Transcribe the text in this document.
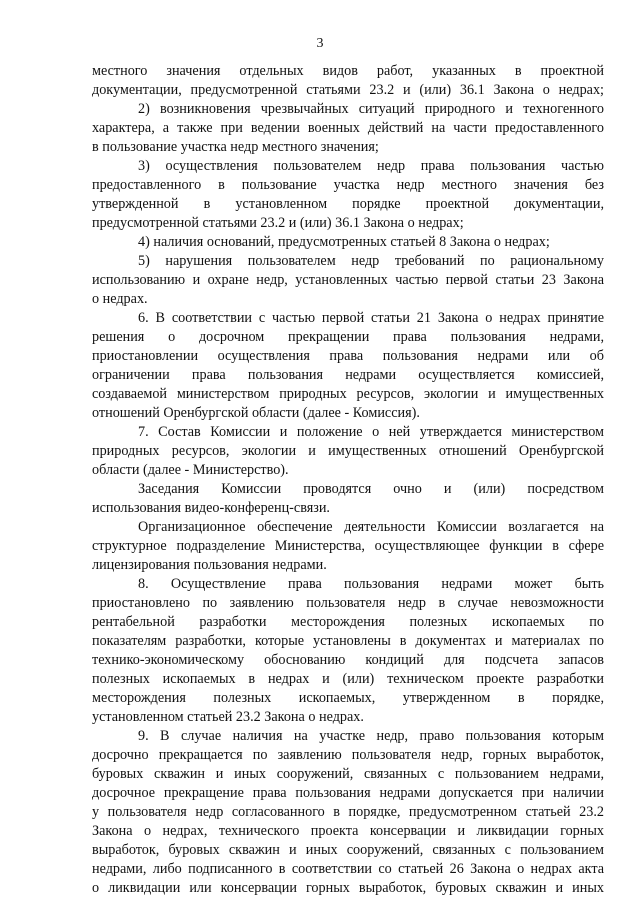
3
местного значения отдельных видов работ, указанных в проектной
документации, предусмотренной статьями 23.2 и (или) 36.1 Закона о недрах;
2) возникновения чрезвычайных ситуаций природного и техногенного
характера, а также при ведении военных действий на части предоставленного
в пользование участка недр местного значения;
3) осуществления пользователем недр права пользования частью
предоставленного в пользование участка недр местного значения без
утвержденной в установленном порядке проектной документации,
предусмотренной статьями 23.2 и (или) 36.1 Закона о недрах;
4) наличия оснований, предусмотренных статьей 8 Закона о недрах;
5) нарушения пользователем недр требований по рациональному
использованию и охране недр, установленных частью первой статьи 23 Закона
о недрах.
6. В соответствии с частью первой статьи 21 Закона о недрах принятие
решения о досрочном прекращении права пользования недрами,
приостановлении осуществления права пользования недрами или об
ограничении права пользования недрами осуществляется комиссией,
создаваемой министерством природных ресурсов, экологии и имущественных
отношений Оренбургской области (далее - Комиссия).
7. Состав Комиссии и положение о ней утверждается министерством
природных ресурсов, экологии и имущественных отношений Оренбургской
области (далее - Министерство).
Заседания Комиссии проводятся очно и (или) посредством
использования видео-конференц-связи.
Организационное обеспечение деятельности Комиссии возлагается на
структурное подразделение Министерства, осуществляющее функции в сфере
лицензирования пользования недрами.
8. Осуществление права пользования недрами может быть
приостановлено по заявлению пользователя недр в случае невозможности
рентабельной разработки месторождения полезных ископаемых по
показателям разработки, которые установлены в документах и материалах по
технико-экономическому обоснованию кондиций для подсчета запасов
полезных ископаемых в недрах и (или) техническом проекте разработки
месторождения полезных ископаемых, утвержденном в порядке,
установленном статьей 23.2 Закона о недрах.
9. В случае наличия на участке недр, право пользования которым
досрочно прекращается по заявлению пользователя недр, горных выработок,
буровых скважин и иных сооружений, связанных с пользованием недрами,
досрочное прекращение права пользования недрами допускается при наличии
у пользователя недр согласованного в порядке, предусмотренном статьей 23.2
Закона о недрах, технического проекта консервации и ликвидации горных
выработок, буровых скважин и иных сооружений, связанных с пользованием
недрами, либо подписанного в соответствии со статьей 26 Закона о недрах акта
о ликвидации или консервации горных выработок, буровых скважин и иных
